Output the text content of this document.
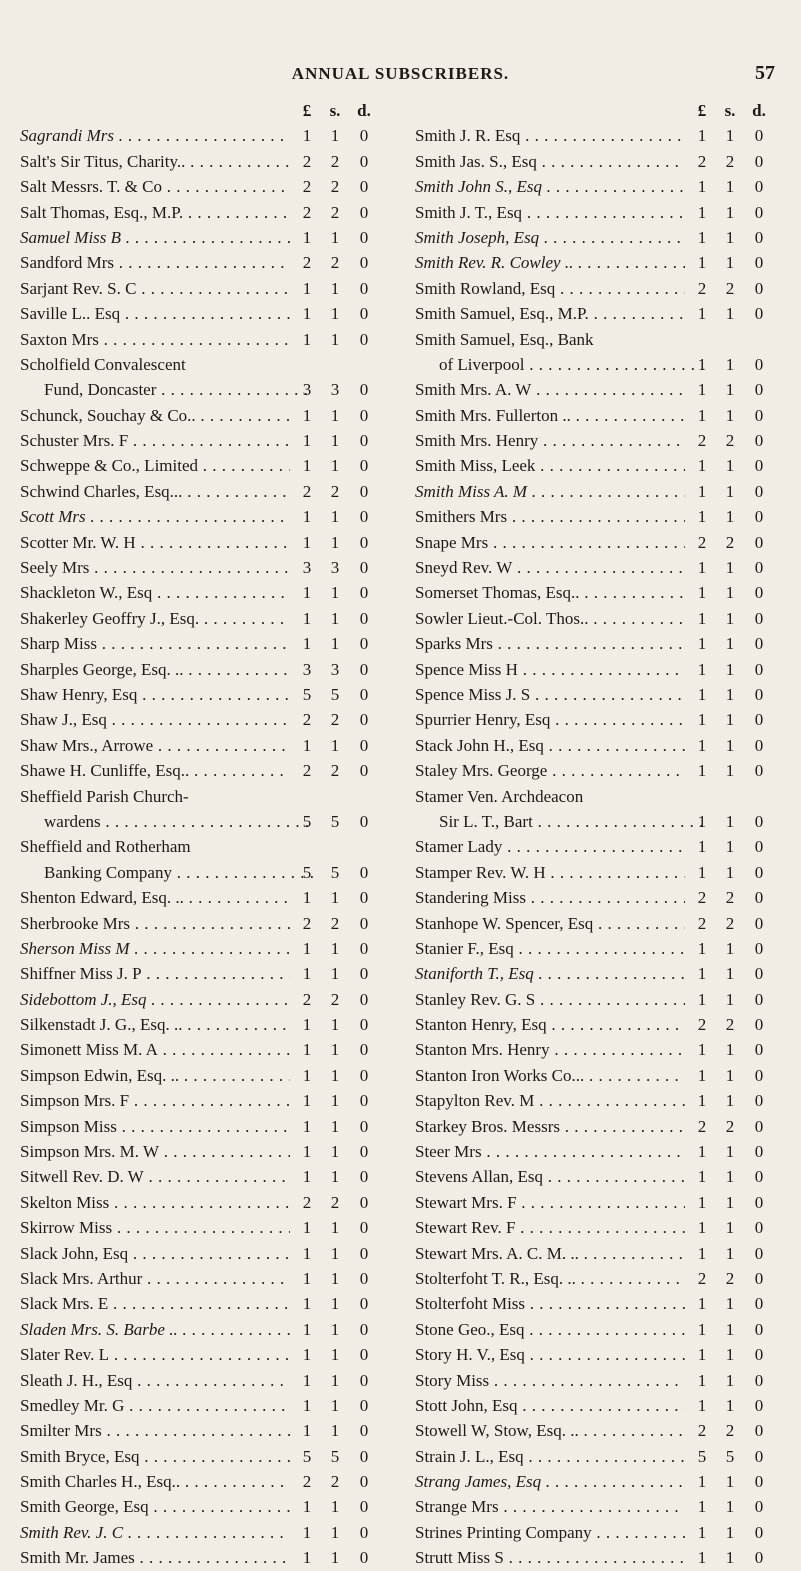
ANNUAL SUBSCRIBERS.	57
£	s. d.
Sagrandi Mrs . . .	1	1	0
Salt's Sir Titus, Charity.. . . .	2	2	0
Salt Messrs. T. & Co . . .	2	2	0
Salt Thomas, Esq., M.P. . . .	2	2	0
Samuel Miss B . . .	1	1	0
Sandford Mrs . . .	2	2	0
Sarjant Rev. S. C . . .	1	1	0
Saville L.. Esq . . .	1	1	0
Saxton Mrs . . .	1	1	0
Scholfield Convalescent
Fund, Doncaster . . .	3	3	0
Schunck, Souchay & Co.. . . .	1	1	0
Schuster Mrs. F . . .	1	1	0
Schweppe & Co., Limited . . .	1	1	0
Schwind Charles, Esq... . . .	2	2	0
Scott Mrs . . .	1	1	0
Scotter Mr. W. H . . .	1	1	0
Seely Mrs . . .	3	3	0
Shackleton W., Esq . . .	1	1	0
Shakerley Geoffry J., Esq. . . .	1	1	0
Sharp Miss . . .	1	1	0
Sharples George, Esq. .. . . .	3	3	0
Shaw Henry, Esq . . .	5	5	0
Shaw J., Esq . . .	2	2	0
Shaw Mrs., Arrowe . . .	1	1	0
Shawe H. Cunliffe, Esq.. . . .	2	2	0
Sheffield Parish Church-
wardens . . .	5	5	0
Sheffield and Rotherham
Banking Company . . .	5	5	0
Shenton Edward, Esq. .. . . .	1	1	0
Sherbrooke Mrs . . .	2	2	0
Sherson Miss M . . .	1	1	0
Shiffner Miss J. P . . .	1	1	0
Sidebottom J., Esq . . .	2	2	0
Silkenstadt J. G., Esq. .. . . .	1	1	0
Simonett Miss M. A . . .	1	1	0
Simpson Edwin, Esq. .. . . .	1	1	0
Simpson Mrs. F . . .	1	1	0
Simpson Miss . . .	1	1	0
Simpson Mrs. M. W . . .	1	1	0
Sitwell Rev. D. W . . .	1	1	0
Skelton Miss . . .	2	2	0
Skirrow Miss . . .	1	1	0
Slack John, Esq . . .	1	1	0
Slack Mrs. Arthur . . .	1	1	0
Slack Mrs. E . . .	1	1	0
Sladen Mrs. S. Barbe .. . . .	1	1	0
Slater Rev. L . . .	1	1	0
Sleath J. H., Esq . . .	1	1	0
Smedley Mr. G . . .	1	1	0
Smilter Mrs . . .	1	1	0
Smith Bryce, Esq . . .	5	5	0
Smith Charles H., Esq.. . . .	2	2	0
Smith George, Esq . . .	1	1	0
Smith Rev. J. C . . .	1	1	0
Smith Mr. James . . .	1	1	0
£	s. d.
Smith J. R. Esq . . .	1	1	0
Smith Jas. S., Esq . . .	2	2	0
Smith John S., Esq . . .	1	1	0
Smith J. T., Esq . . .	1	1	0
Smith Joseph, Esq . . .	1	1	0
Smith Rev. R. Cowley .. . . .	1	1	0
Smith Rowland, Esq . . .	2	2	0
Smith Samuel, Esq., M.P. . . .	1	1	0
Smith Samuel, Esq., Bank
of Liverpool . . .	1	1	0
Smith Mrs. A. W . . .	1	1	0
Smith Mrs. Fullerton .. . . .	1	1	0
Smith Mrs. Henry . . .	2	2	0
Smith Miss, Leek . . .	1	1	0
Smith Miss A. M . . .	1	1	0
Smithers Mrs . . .	1	1	0
Snape Mrs . . .	2	2	0
Sneyd Rev. W . . .	1	1	0
Somerset Thomas, Esq.. . . .	1	1	0
Sowler Lieut.-Col. Thos.. . . .	1	1	0
Sparks Mrs . . .	1	1	0
Spence Miss H . . .	1	1	0
Spence Miss J. S . . .	1	1	0
Spurrier Henry, Esq . . .	1	1	0
Stack John H., Esq . . .	1	1	0
Staley Mrs. George . . .	1	1	0
Stamer Ven. Archdeacon
Sir L. T., Bart . . .	1	1	0
Stamer Lady . . .	1	1	0
Stamper Rev. W. H . . .	1	1	0
Standering Miss . . .	2	2	0
Stanhope W. Spencer, Esq . . .	2	2	0
Stanier F., Esq . . .	1	1	0
Staniforth T., Esq . . .	1	1	0
Stanley Rev. G. S . . .	1	1	0
Stanton Henry, Esq . . .	2	2	0
Stanton Mrs. Henry . . .	1	1	0
Stanton Iron Works Co... . . .	1	1	0
Stapylton Rev. M . . .	1	1	0
Starkey Bros. Messrs . . .	2	2	0
Steer Mrs . . .	1	1	0
Stevens Allan, Esq . . .	1	1	0
Stewart Mrs. F . . .	1	1	0
Stewart Rev. F . . .	1	1	0
Stewart Mrs. A. C. M. .. . . .	1	1	0
Stolterfoht T. R., Esq. .. . . .	2	2	0
Stolterfoht Miss . . .	1	1	0
Stone Geo., Esq . . .	1	1	0
Story H. V., Esq . . .	1	1	0
Story Miss . . .	1	1	0
Stott John, Esq . . .	1	1	0
Stowell W, Stow, Esq. .. . . .	2	2	0
Strain J. L., Esq . . .	5	5	0
Strang James, Esq . . .	1	1	0
Strange Mrs . . .	1	1	0
Strines Printing Company . . .	1	1	0
Strutt Miss S . . .	1	1	0
